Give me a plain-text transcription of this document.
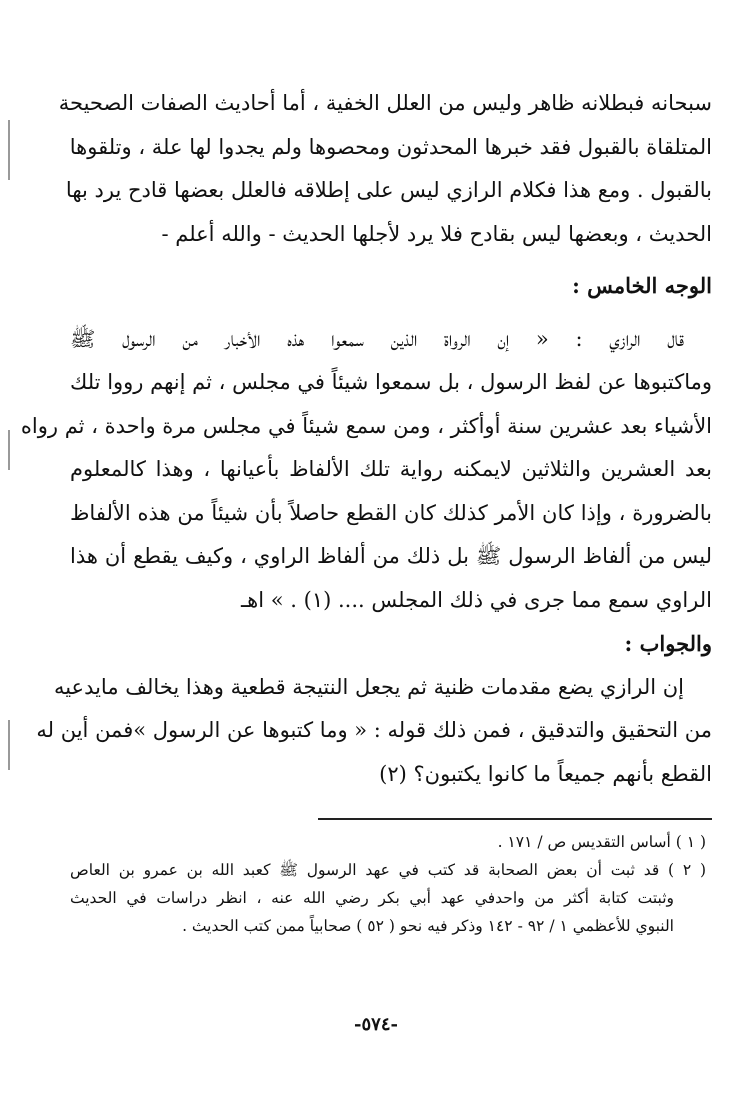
سبحانه فبطلانه ظاهر وليس من العلل الخفية ، أما أحاديث الصفات الصحيحة
المتلقاة بالقبول فقد خبرها المحدثون ومحصوها ولم يجدوا لها علة ، وتلقوها
بالقبول . ومع هذا فكلام الرازي ليس على إطلاقه فالعلل بعضها قادح يرد بها
الحديث ، وبعضها ليس بقادح فلا يرد لأجلها الحديث - والله أعلم -
الوجه الخامس :
قال الرازي : « إن الرواة الذين سمعوا هذه الأخبار من الرسول ﷺ
وماكتبوها عن لفظ الرسول ، بل سمعوا شيئاً في مجلس ، ثم إنهم رووا تلك
الأشياء بعد عشرين سنة أوأكثر ، ومن سمع شيئاً في مجلس مرة واحدة ، ثم رواه
بعد العشرين والثلاثين لايمكنه رواية تلك الألفاظ بأعيانها ، وهذا كالمعلوم
بالضرورة ، وإذا كان الأمر كذلك كان القطع حاصلاً بأن شيئاً من هذه الألفاظ
ليس من ألفاظ الرسول ﷺ بل ذلك من ألفاظ الراوي ، وكيف يقطع أن هذا
الراوي سمع مما جرى في ذلك المجلس .... (١) . » اهـ
والجواب :
إن الرازي يضع مقدمات ظنية ثم يجعل النتيجة قطعية وهذا يخالف مايدعيه
من التحقيق والتدقيق ، فمن ذلك قوله : « وما كتبوها عن الرسول »فمن أين له
القطع بأنهم جميعاً ما كانوا يكتبون؟ (٢)
( ١ ) أساس التقديس ص / ١٧١ .
( ٢ ) قد ثبت أن بعض الصحابة قد كتب في عهد الرسول ﷺ كعبد الله بن عمرو بن العاص
وثبتت كتابة أكثر من واحدفي عهد أبي بكر رضي الله عنه ، انظر دراسات في الحديث
النبوي للأعظمي ١ / ٩٢ - ١٤٢ وذكر فيه نحو ( ٥٢ ) صحابياً ممن كتب الحديث .
-٥٧٤-
